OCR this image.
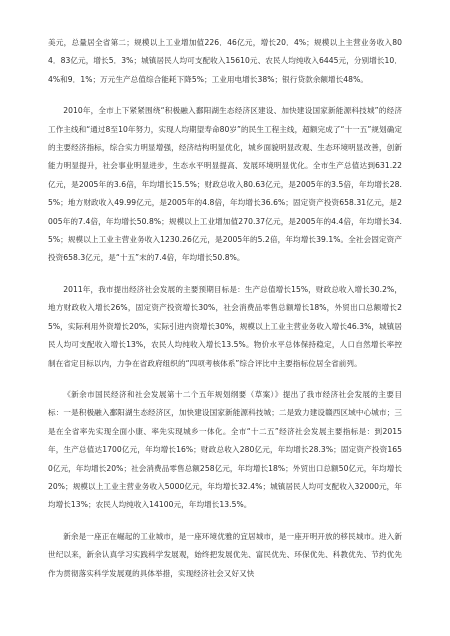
美元，总量居全省第二；规模以上工业增加值226．46亿元，增长20．4%；规模以上主营业务收入804．83亿元，增长5．3%；城镇居民人均可支配收入15610元、农民人均纯收入6445元，分别增长10．4%和9．1%；万元生产总值综合能耗下降5%；工业用电增长38%；银行贷款余额增长48%。

2010年，全市上下紧紧围绕“积极融入鄱阳湖生态经济区建设、加快建设国家新能源科技城”的经济工作主线和“通过8至10年努力，实现人均期望寿命80岁”的民生工程主线，超额完成了“十一五”规划确定的主要经济指标，综合实力明显增强，经济结构明显优化，城乡面貌明显改观、生态环境明显改善，创新能力明显提升，社会事业明显进步，生态水平明显提高、发展环境明显优化。全市生产总值达到631.22亿元，是2005年的3.6倍，年均增长15.5%；财政总收入80.63亿元，是2005年的3.5倍，年均增长28.5%；地方财政收入49.99亿元，是2005年的4.8倍，年均增长36.6%；固定资产投资658.31亿元，是2005年的7.4倍，年均增长50.8%；规模以上工业增加值270.37亿元，是2005年的4.4倍，年均增长34.5%；规模以上工业主营业务收入1230.26亿元，是2005年的5.2倍，年均增长39.1%。全社会固定资产投资658.3亿元，是“十五”末的7.4倍，年均增长50.8%。

2011年，我市提出经济社会发展的主要预期目标是：生产总值增长15%，财政总收入增长30.2%，地方财政收入增长26%，固定资产投资增长30%，社会消费品零售总额增长18%，外贸出口总额增长25%，实际利用外资增长20%，实际引进内资增长30%，规模以上工业主营业务收入增长46.3%，城镇居民人均可支配收入增长13%，农民人均纯收入增长13.5%。物价水平总体保持稳定，人口自然增长率控制在省定目标以内，力争在省政府组织的“四项考核体系”综合评比中主要指标位居全省前列。

《新余市国民经济和社会发展第十二个五年规划纲要（草案）》提出了我市经济社会发展的主要目标：一是积极融入鄱阳湖生态经济区，加快建设国家新能源科技城；二是致力建设赣西区域中心城市；三是在全省率先实现全面小康、率先实现城乡一体化。全市“十二五”经济社会发展主要指标是：到2015年，生产总值达1700亿元，年均增长16%；财政总收入280亿元，年均增长28.3%；固定资产投资1650亿元，年均增长20%；社会消费品零售总额258亿元，年均增长18%；外贸出口总额50亿元，年均增长20%；规模以上工业主营业务收入5000亿元，年均增长32.4%；城镇居民人均可支配收入32000元，年均增长13%；农民人均纯收入14100元，年均增长13.5%。

新余是一座正在崛起的工业城市，是一座环境优雅的宜居城市，是一座开明开放的移民城市。进入新世纪以来，新余认真学习实践科学发展观，始终把发展优先、富民优先、环保优先、科教优先、节约优先作为贯彻落实科学发展观的具体举措，实现经济社会又好又快
